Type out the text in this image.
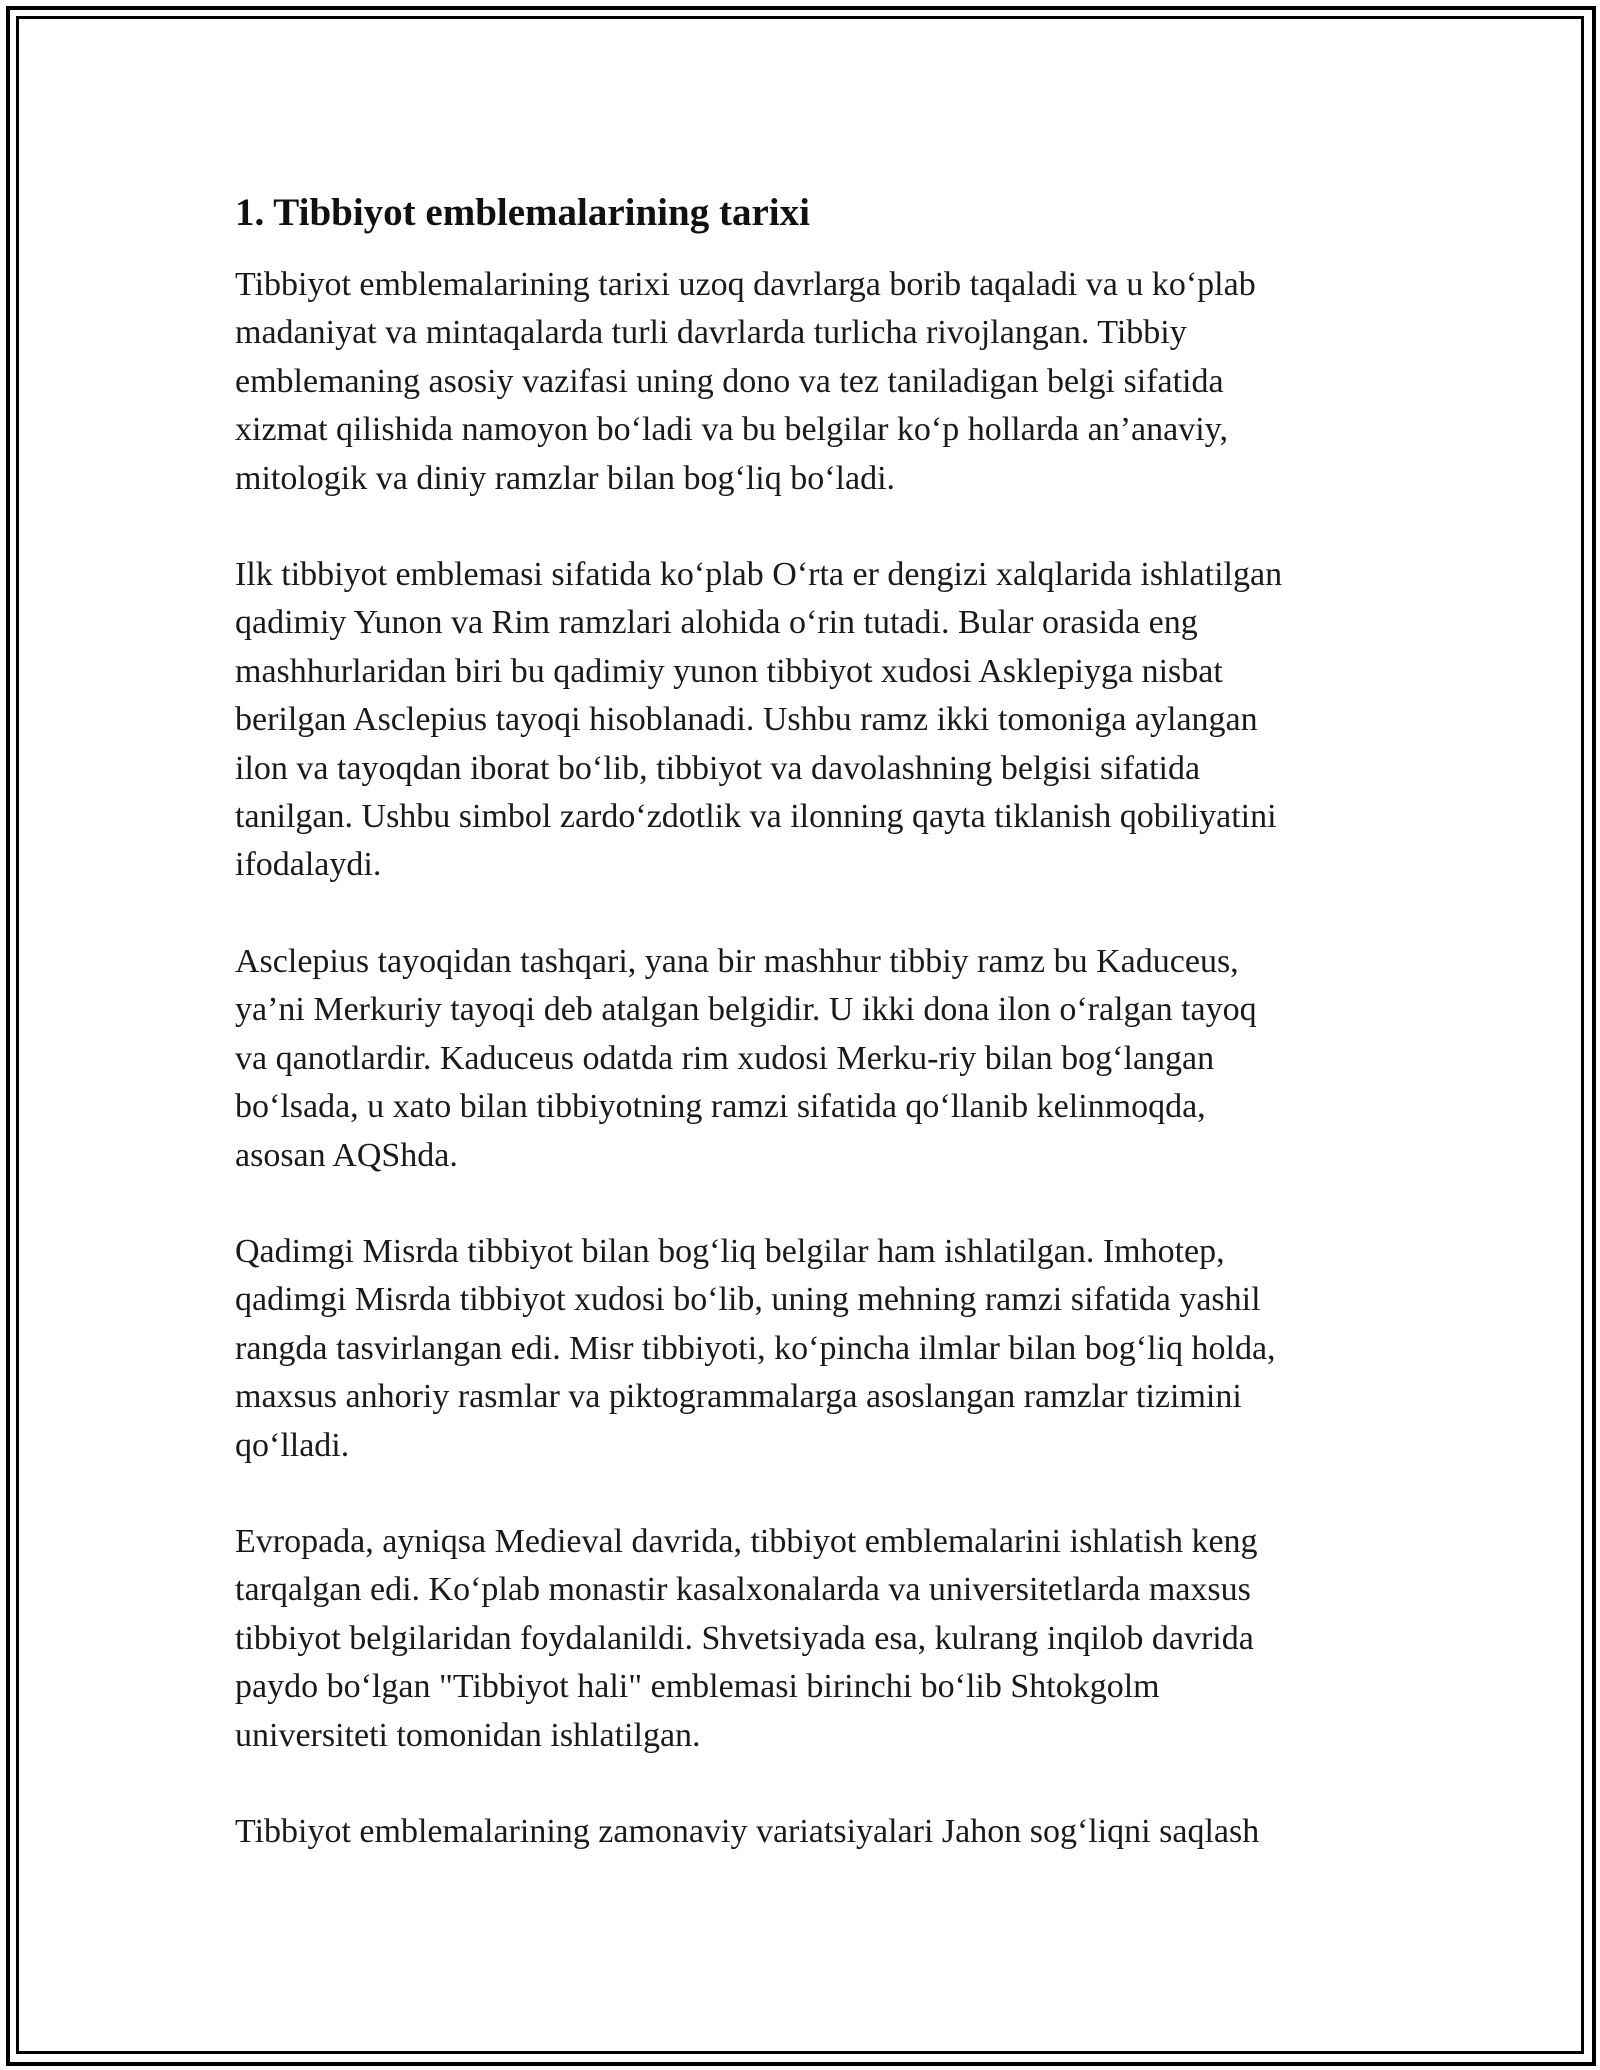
1. Tibbiyot emblemalarining tarixi

Tibbiyot emblemalarining tarixi uzoq davrlarga borib taqaladi va u ko‘plab
madaniyat va mintaqalarda turli davrlarda turlicha rivojlangan. Tibbiy
emblemaning asosiy vazifasi uning dono va tez taniladigan belgi sifatida
xizmat qilishida namoyon bo‘ladi va bu belgilar ko‘p hollarda an’anaviy,
mitologik va diniy ramzlar bilan bog‘liq bo‘ladi.

Ilk tibbiyot emblemasi sifatida ko‘plab O‘rta er dengizi xalqlarida ishlatilgan
qadimiy Yunon va Rim ramzlari alohida o‘rin tutadi. Bular orasida eng
mashhurlaridan biri bu qadimiy yunon tibbiyot xudosi Asklepiyga nisbat
berilgan Asclepius tayoqi hisoblanadi. Ushbu ramz ikki tomoniga aylangan
ilon va tayoqdan iborat bo‘lib, tibbiyot va davolashning belgisi sifatida
tanilgan. Ushbu simbol zardo‘zdotlik va ilonning qayta tiklanish qobiliyatini
ifodalaydi.

Asclepius tayoqidan tashqari, yana bir mashhur tibbiy ramz bu Kaduceus,
ya’ni Merkuriy tayoqi deb atalgan belgidir. U ikki dona ilon o‘ralgan tayoq
va qanotlardir. Kaduceus odatda rim xudosi Merku-riy bilan bog‘langan
bo‘lsada, u xato bilan tibbiyotning ramzi sifatida qo‘llanib kelinmoqda,
asosan AQShda.

Qadimgi Misrda tibbiyot bilan bog‘liq belgilar ham ishlatilgan. Imhotep,
qadimgi Misrda tibbiyot xudosi bo‘lib, uning mehning ramzi sifatida yashil
rangda tasvirlangan edi. Misr tibbiyoti, ko‘pincha ilmlar bilan bog‘liq holda,
maxsus anhoriy rasmlar va piktogrammalarga asoslangan ramzlar tizimini
qo‘lladi.

Evropada, ayniqsa Medieval davrida, tibbiyot emblemalarini ishlatish keng
tarqalgan edi. Ko‘plab monastir kasalxonalarda va universitetlarda maxsus
tibbiyot belgilaridan foydalanildi. Shvetsiyada esa, kulrang inqilob davrida
paydo bo‘lgan "Tibbiyot hali" emblemasi birinchi bo‘lib Shtokgolm
universiteti tomonidan ishlatilgan.

Tibbiyot emblemalarining zamonaviy variatsiyalari Jahon sog‘liqni saqlash
